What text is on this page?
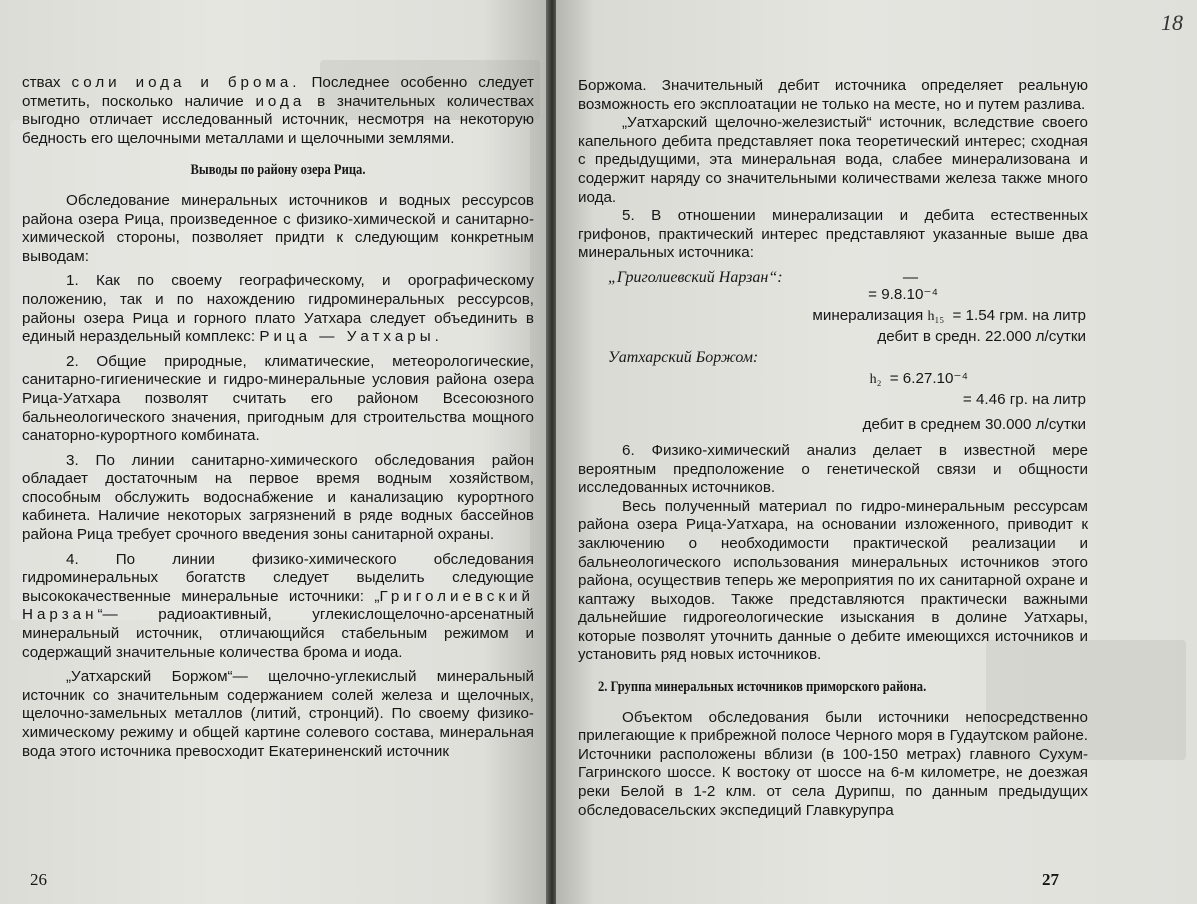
ствах соли иода и брома. Последнее особенно следует отметить, посколько наличие иода в значительных количествах выгодно отличает исследованный источник, несмотря на некоторую бедность его щелочными металлами и щелочными землями.

Выводы по району озера Рица.

Обследование минеральных источников и водных рессурсов района озера Рица, произведенное с физико-химической и санитарно-химической стороны, позволяет придти к следующим конкретным выводам:

1. Как по своему географическому, и орографическому положению, так и по нахождению гидроминеральных рессурсов, районы озера Рица и горного плато Уатхара следует объединить в единый нераздельный комплекс: Рица — Уатхары.

2. Общие природные, климатические, метеорологические, санитарно-гигиенические и гидро-минеральные условия района озера Рица-Уатхара позволят считать его районом Всесоюзного бальнеологического значения, пригодным для строительства мощного санаторно-курортного комбината.

3. По линии санитарно-химического обследования район обладает достаточным на первое время водным хозяйством, способным обслужить водоснабжение и канализацию курортного кабинета. Наличие некоторых загрязнений в ряде водных бассейнов района Рица требует срочного введения зоны санитарной охраны.

4. По линии физико-химического обследования гидроминеральных богатств следует выделить следующие высококачественные минеральные источники: „Григолиевский Нарзан“— радиоактивный, углекислощелочно-арсенатный минеральный источник, отличающийся стабельным режимом и содержащий значительные количества брома и иода.

„Уатхарский Боржом“— щелочно-углекислый минеральный источник со значительным содержанием солей железа и щелочных, щелочно-замельных металлов (литий, стронций). По своему физико-химическому режиму и общей картине солевого состава, минеральная вода этого источника превосходит Екатериненский источник

26
18

Боржома. Значительный дебит источника определяет реальную возможность его эксплоатации не только на месте, но и путем разлива.

„Уатхарский щелочно-железистый“ источник, вследствие своего капельного дебита представляет пока теоретический интерес; сходная с предыдущими, эта минеральная вода, слабее минерализована и содержит наряду со значительными количествами железа также много иода.

5. В отношении минерализации и дебита естественных грифонов, практический интерес представляют указанные выше два минеральных источника:

„Григолиевский Нарзан“:	—
= 9.8.10⁻⁴
минерализация h₁₅ = 1.54 грм. на литр
дебит в средн. 22.000 л/сутки
Уатхарский Боржом:
h₂ = 6.27.10⁻⁴
= 4.46 гр. на литр
дебит в среднем 30.000 л/сутки

6. Физико-химический анализ делает в известной мере вероятным предположение о генетической связи и общности исследованных источников.

Весь полученный материал по гидро-минеральным рессурсам района озера Рица-Уатхара, на основании изложенного, приводит к заключению о необходимости практической реализации и бальнеологического использования минеральных источников этого района, осуществив теперь же мероприятия по их санитарной охране и каптажу выходов. Также представляются практически важными дальнейшие гидрогеологические изыскания в долине Уатхары, которые позволят уточнить данные о дебите имеющихся источников и установить ряд новых источников.

2. Группа минеральных источников приморского района.

Объектом обследования были источники непосредственно прилегающие к прибрежной полосе Черного моря в Гудаутском районе. Источники расположены вблизи (в 100-150 метрах) главного Сухум-Гагринского шоссе. К востоку от шоссе на 6-м километре, не доезжая реки Белой в 1-2 клм. от села Дурипш, по данным предыдущих обследовасельских экспедиций Главкурупра

27
